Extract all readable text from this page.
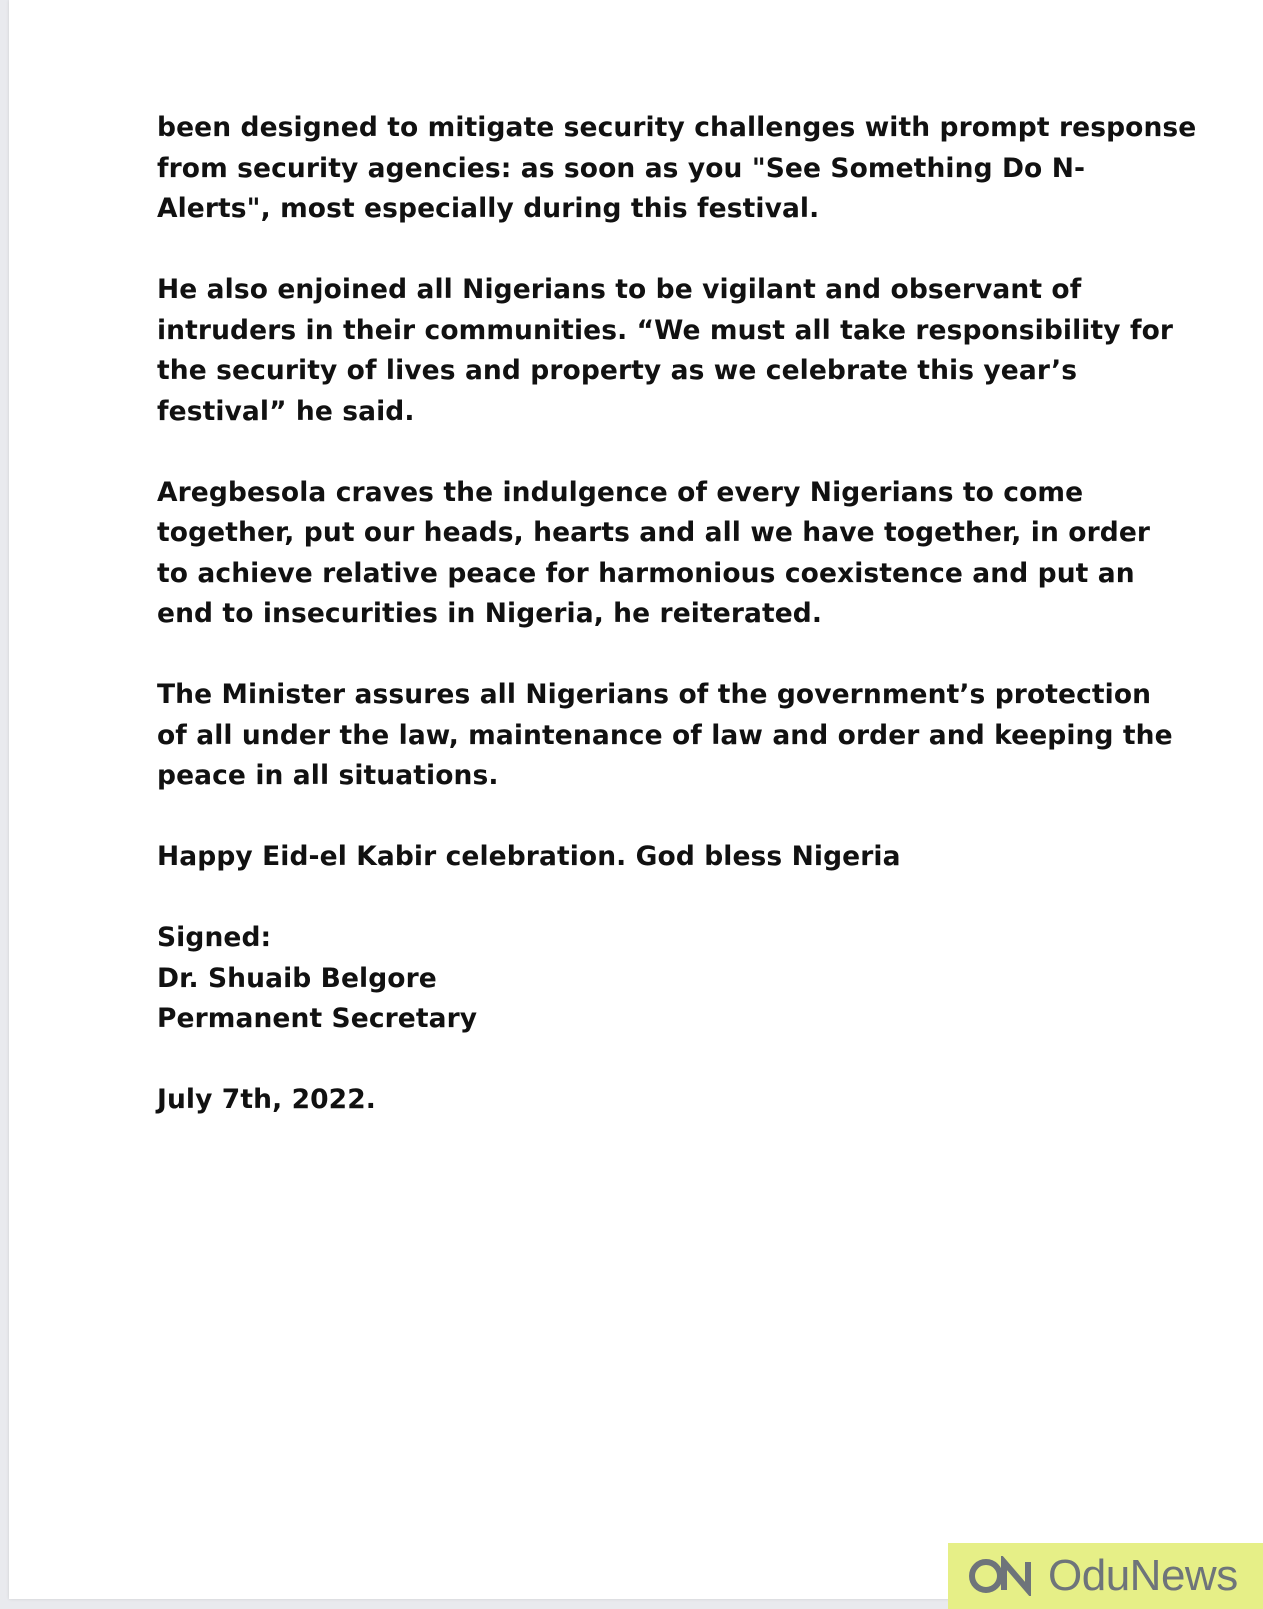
been designed to mitigate security challenges with prompt response
from security agencies: as soon as you "See Something Do N-
Alerts", most especially during this festival.
He also enjoined all Nigerians to be vigilant and observant of
intruders in their communities. “We must all take responsibility for
the security of lives and property as we celebrate this year’s
festival” he said.
Aregbesola craves the indulgence of every Nigerians to come
together, put our heads, hearts and all we have together, in order
to achieve relative peace for harmonious coexistence and put an
end to insecurities in Nigeria, he reiterated.
The Minister assures all Nigerians of the government’s protection
of all under the law, maintenance of law and order and keeping the
peace in all situations.
Happy Eid-el Kabir celebration. God bless Nigeria
Signed:
Dr. Shuaib Belgore
Permanent Secretary
July 7th, 2022.
OduNews
